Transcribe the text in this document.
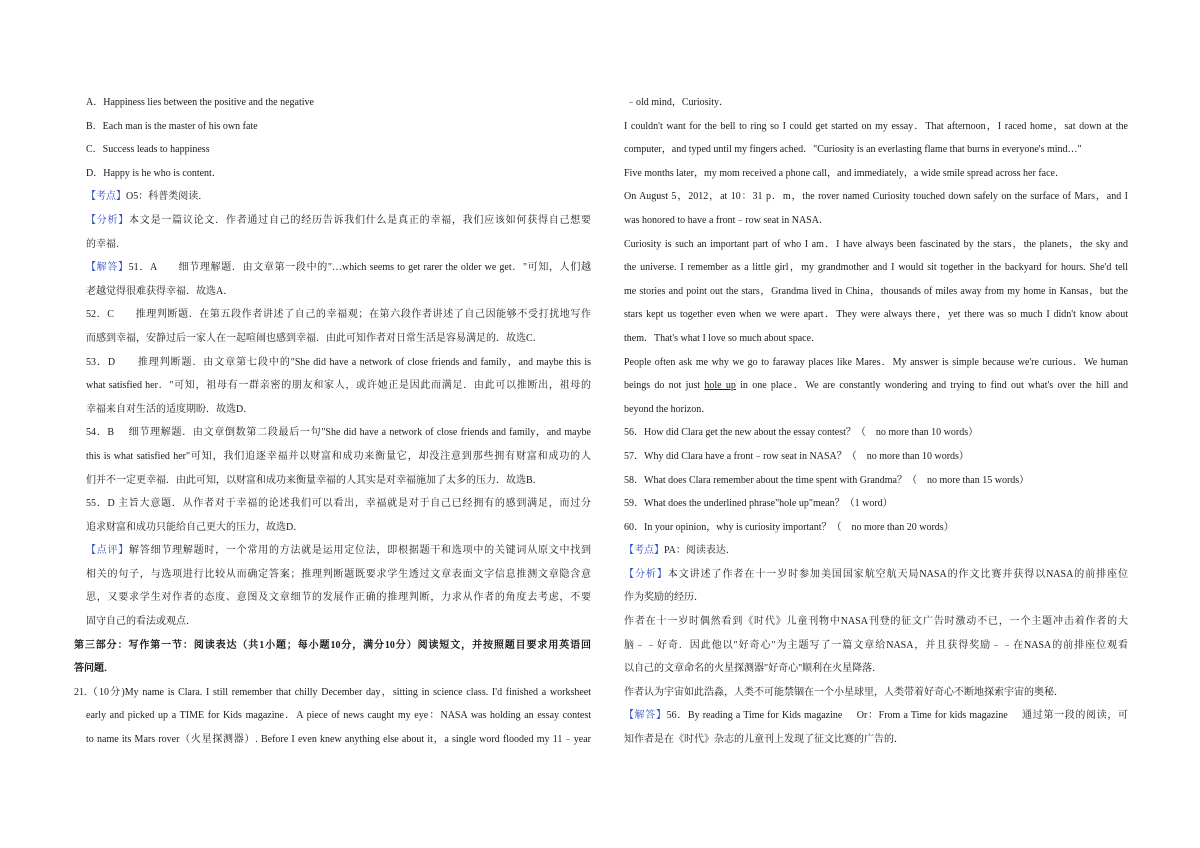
A．Happiness lies between the positive and the negative
B．Each man is the master of his own fate
C．Success leads to happiness
D．Happy is he who is content．
【考点】O5：科普类阅读．
【分析】本文是一篇议论文．作者通过自己的经历告诉我们什么是真正的幸福，我们应该如何获得自己想要
的幸福．
【解答】51．A　　细节理解题．由文章第一段中的"…which seems to get rarer the older we get．"可知，人们越
老越觉得很难获得幸福．故选A．
52．C　　推理判断题．在第五段作者讲述了自己的幸福观；在第六段作者讲述了自己因能够不受打扰地写作
而感到幸福，安静过后一家人在一起喧闹也感到幸福．由此可知作者对日常生活是容易满足的．故选C．
53．D　　推理判断题．由文章第七段中的"She did have a network of close friends and family，and maybe this is
what satisfied her．"可知，祖母有一群亲密的朋友和家人，或许她正是因此而满足．由此可以推断出，祖母的
幸福来自对生活的适度期盼．故选D．
54．B　 细节理解题．由文章倒数第二段最后一句"She did have a network of close friends and family，and maybe
this is what satisfied her"可知，我们追逐幸福并以财富和成功来衡量它，却没注意到那些拥有财富和成功的人
们并不一定更幸福．由此可知，以财富和成功来衡量幸福的人其实是对幸福施加了太多的压力．故选B．
55．D 主旨大意题．从作者对于幸福的论述我们可以看出，幸福就是对于自己已经拥有的感到满足，而过分
追求财富和成功只能给自己更大的压力，故选D．
【点评】解答细节理解题时，一个常用的方法就是运用定位法，即根据题干和选项中的关键词从原文中找到
相关的句子，与选项进行比较从而确定答案；推理判断题既要求学生透过文章表面文字信息推测文章隐含意
思，又要求学生对作者的态度、意图及文章细节的发展作正确的推理判断，力求从作者的角度去考虑，不要
固守自己的看法或观点．
第三部分：写作第一节：阅读表达（共1小题；每小题10分，满分10分）阅读短文，并按照题目要求用英语回
答问题．
21.（10分)My name is Clara. I still remember that chilly December day，sitting in science class. I'd finished a worksheet
early and picked up a TIME for Kids magazine．A piece of news caught my eye：NASA was holding an essay contest
to name its Mars rover（火星探测器）. Before I even knew anything else about it，a single word flooded my 11﹣year
﹣old mind，Curiosity．
I couldn't want for the bell to ring so I could get started on my essay．That afternoon，I raced home，sat down at the
computer，and typed until my fingers ached．"Curiosity is an everlasting flame that burns in everyone's mind…"
Five months later，my mom received a phone call，and immediately，a wide smile spread across her face．
On August 5，2012，at 10：31 p．m，the rover named Curiosity touched down safely on the surface of Mars，and I
was honored to have a front﹣row seat in NASA．
Curiosity is such an important part of who I am．I have always been fascinated by the stars，the planets，the sky and
the universe. I remember as a little girl，my grandmother and I would sit together in the backyard for hours. She'd tell
me stories and point out the stars，Grandma lived in China，thousands of miles away from my home in Kansas，but the
stars kept us together even when we were apart．They were always there，yet there was so much I didn't know about
them．That's what I love so much about space．
People often ask me why we go to faraway places like Mares．My answer is simple because we're curious．We human
beings do not just hole up in one place．We are constantly wondering and trying to find out what's over the hill and
beyond the horizon．
56．How did Clara get the new about the essay contest？（　no more than 10 words）
57．Why did Clara have a front﹣row seat in NASA？（　no more than 10 words）
58．What does Clara remember about the time spent with Grandma？（　no more than 15 words）
59．What does the underlined phrase"hole up"mean？（1 word）
60．In your opinion，why is curiosity important？（　no more than 20 words）
【考点】PA：阅读表达．
【分析】本文讲述了作者在十一岁时参加美国国家航空航天局NASA的作文比赛并获得以NASA的前排座位
作为奖励的经历．
作者在十一岁时偶然看到《时代》儿童刊物中NASA刊登的征文广告时激动不已，一个主题冲击着作者的大
脑﹣﹣好奇．因此他以"好奇心"为主题写了一篇文章给NASA，并且获得奖励﹣﹣在NASA的前排座位观看
以自己的文章命名的火星探测器"好奇心"顺利在火星降落．
作者认为宇宙如此浩淼，人类不可能禁锢在一个小星球里，人类带着好奇心不断地探索宇宙的奥秘．
【解答】56．By reading a Time for Kids magazine　 Or：From a Time for kids magazine　 通过第一段的阅读，可
知作者是在《时代》杂志的儿童刊上发现了征文比赛的广告的．
